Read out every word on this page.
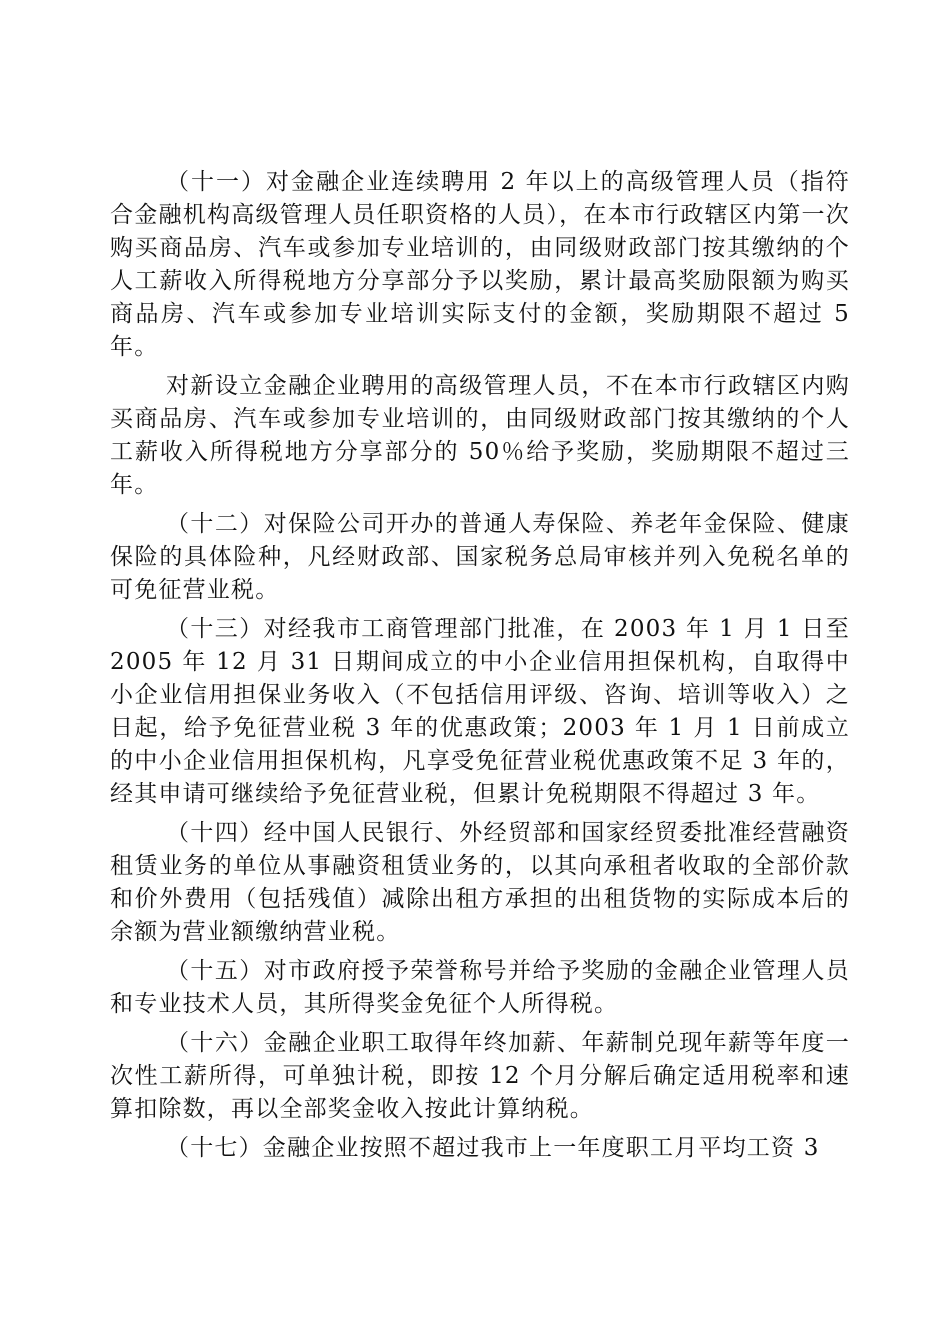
（十一）对金融企业连续聘用 2 年以上的高级管理人员（指符合金融机构高级管理人员任职资格的人员），在本市行政辖区内第一次购买商品房、汽车或参加专业培训的，由同级财政部门按其缴纳的个人工薪收入所得税地方分享部分予以奖励，累计最高奖励限额为购买商品房、汽车或参加专业培训实际支付的金额，奖励期限不超过 5 年。

对新设立金融企业聘用的高级管理人员，不在本市行政辖区内购买商品房、汽车或参加专业培训的，由同级财政部门按其缴纳的个人工薪收入所得税地方分享部分的 50％给予奖励，奖励期限不超过三年。

（十二）对保险公司开办的普通人寿保险、养老年金保险、健康保险的具体险种，凡经财政部、国家税务总局审核并列入免税名单的可免征营业税。

（十三）对经我市工商管理部门批准，在 2003 年 1 月 1 日至 2005 年 12 月 31 日期间成立的中小企业信用担保机构，自取得中小企业信用担保业务收入（不包括信用评级、咨询、培训等收入）之日起，给予免征营业税 3 年的优惠政策；2003 年 1 月 1 日前成立的中小企业信用担保机构，凡享受免征营业税优惠政策不足 3 年的，经其申请可继续给予免征营业税，但累计免税期限不得超过 3 年。

（十四）经中国人民银行、外经贸部和国家经贸委批准经营融资租赁业务的单位从事融资租赁业务的，以其向承租者收取的全部价款和价外费用（包括残值）减除出租方承担的出租货物的实际成本后的余额为营业额缴纳营业税。

（十五）对市政府授予荣誉称号并给予奖励的金融企业管理人员和专业技术人员，其所得奖金免征个人所得税。

（十六）金融企业职工取得年终加薪、年薪制兑现年薪等年度一次性工薪所得，可单独计税，即按 12 个月分解后确定适用税率和速算扣除数，再以全部奖金收入按此计算纳税。

（十七）金融企业按照不超过我市上一年度职工月平均工资 3
